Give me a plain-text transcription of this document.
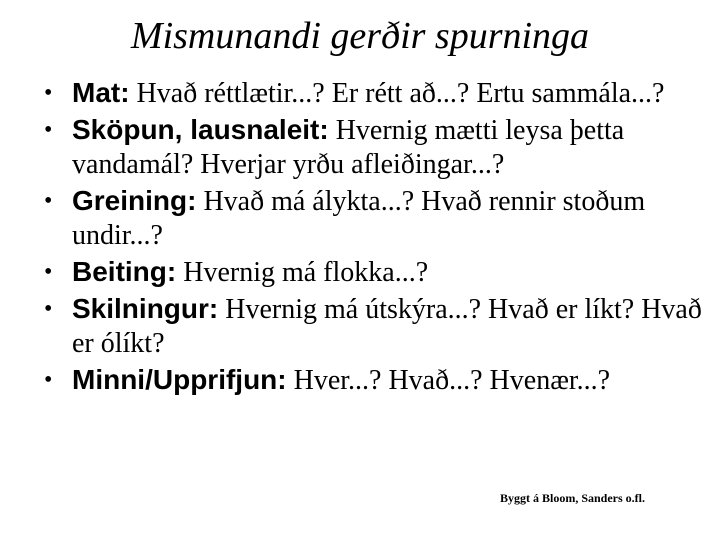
Mismunandi gerðir spurninga
• Mat: Hvað réttlætir...? Er rétt að...? Ertu sammála...?
• Sköpun, lausnaleit: Hvernig mætti leysa þetta vandamál? Hverjar yrðu afleiðingar...?
• Greining: Hvað má álykta...? Hvað rennir stoðum undir...?
• Beiting: Hvernig má flokka...?
• Skilningur: Hvernig má útskýra...? Hvað er líkt? Hvað er ólíkt?
• Minni/Upprifjun: Hver...? Hvað...? Hvenær...?
Byggt á Bloom, Sanders o.fl.
